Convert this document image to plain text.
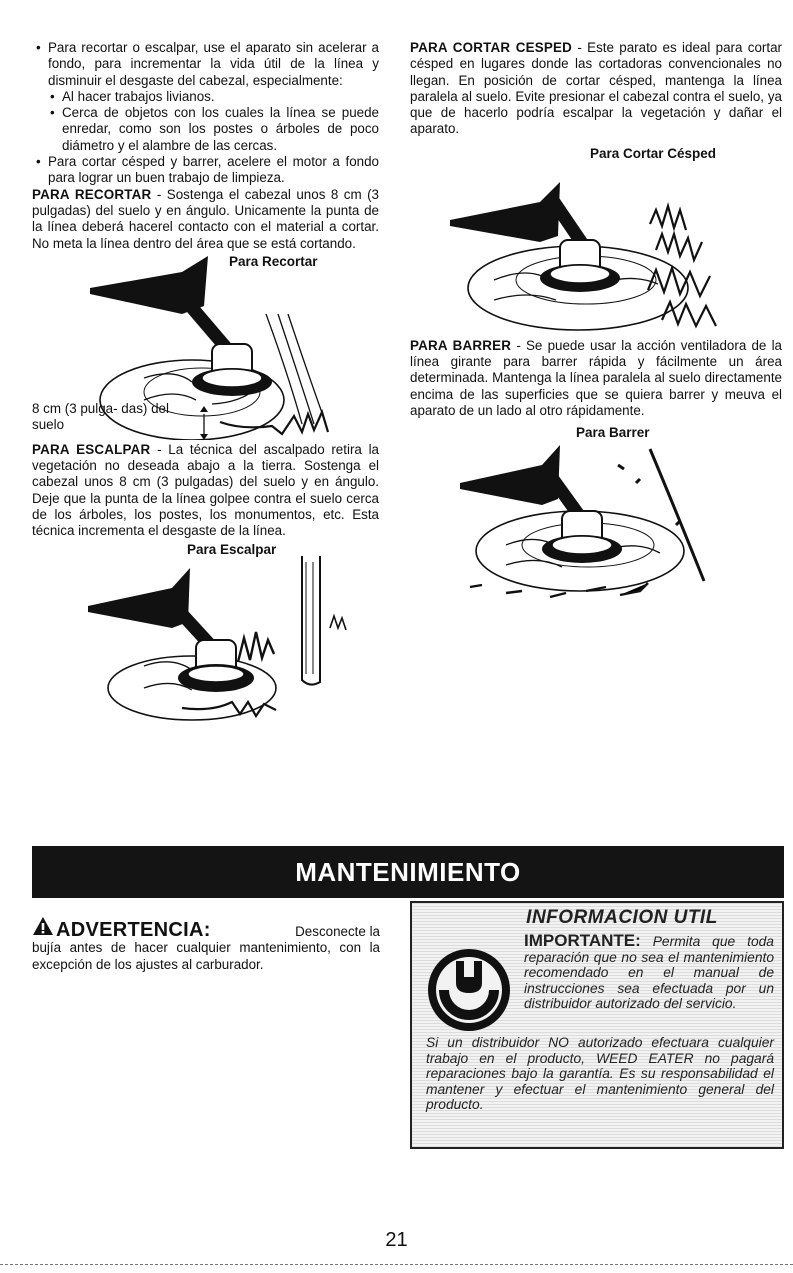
• Para recortar o escalpar, use el aparato sin acelerar a fondo, para incrementar la vida útil de la línea y disminuir el desgaste del cabezal, especialmente:
• Al hacer trabajos livianos.
• Cerca de objetos con los cuales la línea se puede enredar, como son los postes o árboles de poco diámetro y el alambre de las cercas.
• Para cortar césped y barrer, acelere el motor a fondo para lograr un buen trabajo de limpieza.

PARA RECORTAR - Sostenga el cabezal unos 8 cm (3 pulgadas) del suelo y en ángulo. Unicamente la punta de la línea deberá hacerel contacto con el material a cortar. No meta la línea dentro del área que se está cortando.

Para Recortar
8 cm (3 pulga- das) del suelo

PARA ESCALPAR - La técnica del ascalpado retira la vegetación no deseada abajo a la tierra. Sostenga el cabezal unos 8 cm (3 pulgadas) del suelo y en ángulo. Deje que la punta de la línea golpee contra el suelo cerca de los árboles, los postes, los monumentos, etc. Esta técnica incrementa el desgaste de la línea.

Para Escalpar

PARA CORTAR CESPED - Este parato es ideal para cortar césped en lugares donde las cortadoras convencionales no llegan. En posición de cortar césped, mantenga la línea paralela al suelo. Evite presionar el cabezal contra el suelo, ya que de hacerlo podría escalpar la vegetación y dañar el aparato.

Para Cortar Césped

PARA BARRER - Se puede usar la acción ventiladora de la línea girante para barrer rápida y fácilmente un área determinada. Mantenga la línea paralela al suelo directamente encima de las superficies que se quiera barrer y meuva el aparato de un lado al otro rápidamente.

Para Barrer
MANTENIMIENTO
ADVERTENCIA:	Desconecte la

bujía antes de hacer cualquier mantenimiento, con la excepción de los ajustes al carburador.

INFORMACION UTIL
IMPORTANTE: Permita que toda reparación que no sea el mantenimiento recomendado en el manual de instrucciones sea efectuada por un distribuidor autorizado del servicio.
Si un distribuidor NO autorizado efectuara cualquier trabajo en el producto, WEED EATER no pagará reparaciones bajo la garantía. Es su responsabilidad el mantener y efectuar el mantenimiento general del producto.
21
